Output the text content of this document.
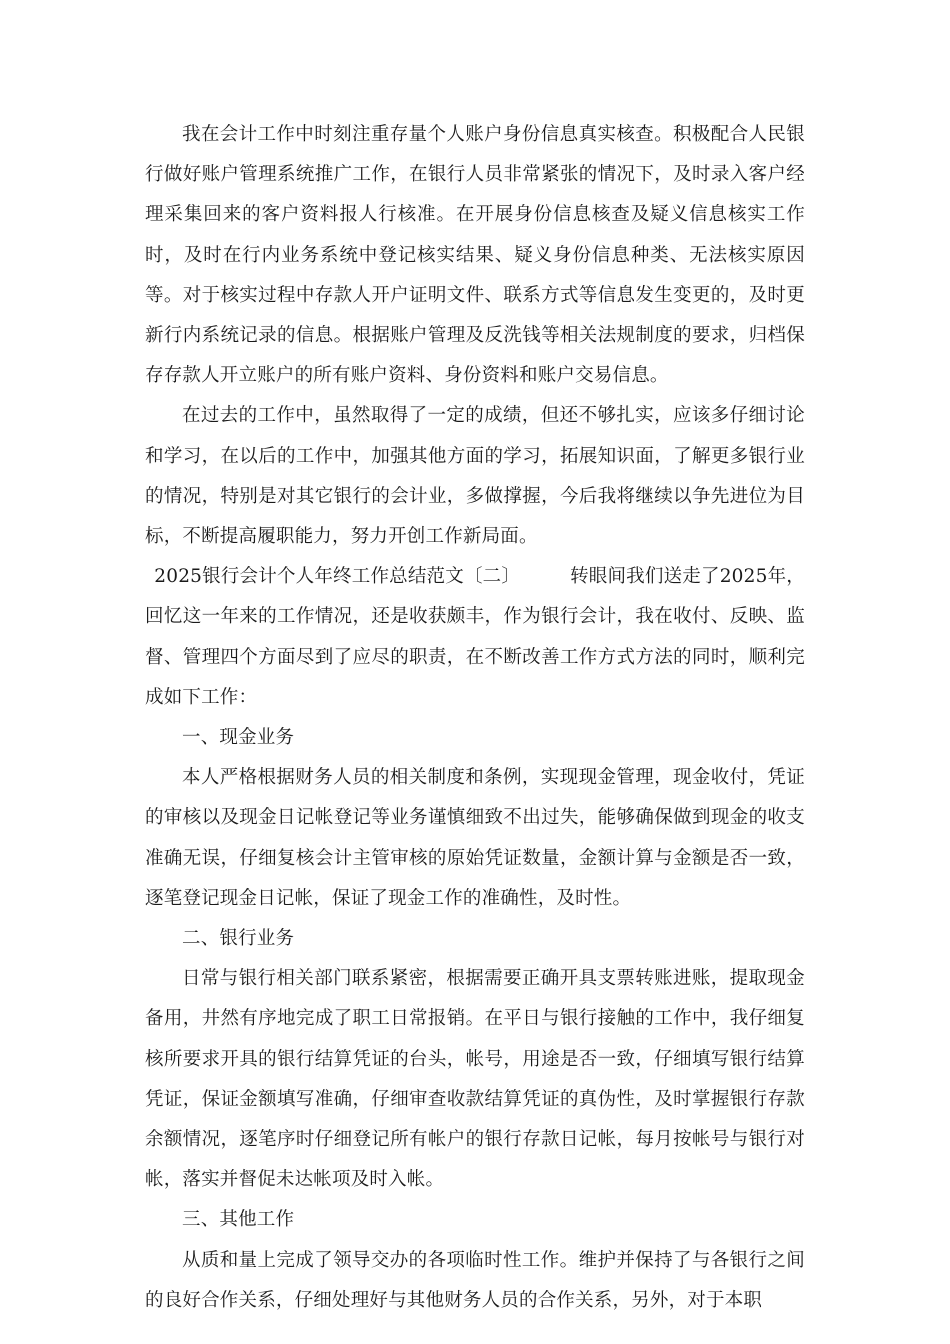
我在会计工作中时刻注重存量个人账户身份信息真实核查。积极配合人民银行做好账户管理系统推广工作，在银行人员非常紧张的情况下，及时录入客户经理采集回来的客户资料报人行核准。在开展身份信息核查及疑义信息核实工作时，及时在行内业务系统中登记核实结果、疑义身份信息种类、无法核实原因等。对于核实过程中存款人开户证明文件、联系方式等信息发生变更的，及时更新行内系统记录的信息。根据账户管理及反洗钱等相关法规制度的要求，归档保存存款人开立账户的所有账户资料、身份资料和账户交易信息。

在过去的工作中，虽然取得了一定的成绩，但还不够扎实，应该多仔细讨论和学习，在以后的工作中，加强其他方面的学习，拓展知识面，了解更多银行业的情况，特别是对其它银行的会计业，多做撑握，今后我将继续以争先进位为目标，不断提高履职能力，努力开创工作新局面。

2025银行会计个人年终工作总结范文〔二〕	转眼间我们送走了2025年，回忆这一年来的工作情况，还是收获颇丰，作为银行会计，我在收付、反映、监督、管理四个方面尽到了应尽的职责，在不断改善工作方式方法的同时，顺利完成如下工作：

一、现金业务

本人严格根据财务人员的相关制度和条例，实现现金管理，现金收付，凭证的审核以及现金日记帐登记等业务谨慎细致不出过失，能够确保做到现金的收支准确无误，仔细复核会计主管审核的原始凭证数量，金额计算与金额是否一致，逐笔登记现金日记帐，保证了现金工作的准确性，及时性。

二、银行业务

日常与银行相关部门联系紧密，根据需要正确开具支票转账进账，提取现金备用，井然有序地完成了职工日常报销。在平日与银行接触的工作中，我仔细复核所要求开具的银行结算凭证的台头，帐号，用途是否一致，仔细填写银行结算凭证，保证金额填写准确，仔细审查收款结算凭证的真伪性，及时掌握银行存款余额情况，逐笔序时仔细登记所有帐户的银行存款日记帐，每月按帐号与银行对帐，落实并督促未达帐项及时入帐。

三、其他工作

从质和量上完成了领导交办的各项临时性工作。维护并保持了与各银行之间的良好合作关系，仔细处理好与其他财务人员的合作关系，另外，对于本职
